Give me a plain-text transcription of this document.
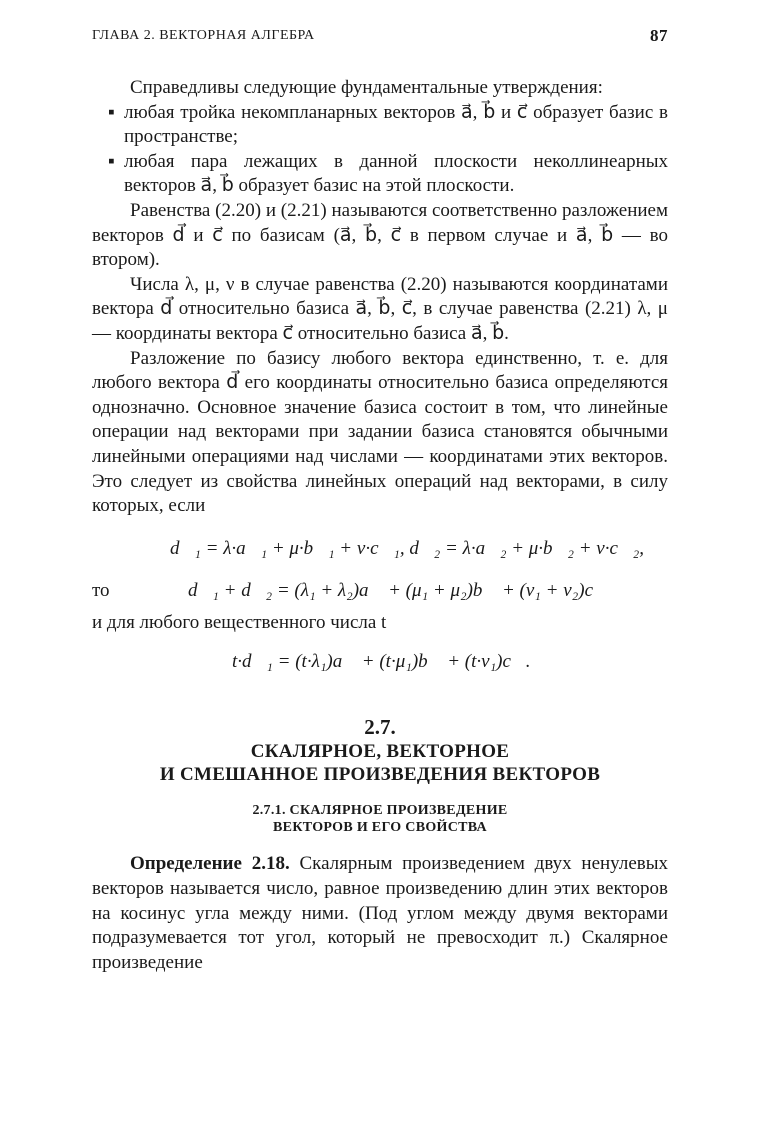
ГЛАВА 2. ВЕКТОРНАЯ АЛГЕБРА	87

Справедливы следующие фундаментальные утверждения:

▪ любая тройка некомпланарных векторов a⃗, b⃗ и c⃗ образует базис в пространстве;
▪ любая пара лежащих в данной плоскости неколлинеарных векторов a⃗, b⃗ образует базис на этой плоскости.

Равенства (2.20) и (2.21) называются соответственно разложением векторов d⃗ и c⃗ по базисам (a⃗, b⃗, c⃗ в первом случае и a⃗, b⃗ — во втором).

Числа λ, μ, ν в случае равенства (2.20) называются координатами вектора d⃗ относительно базиса a⃗, b⃗, c⃗, в случае равенства (2.21) λ, μ — координаты вектора c⃗ относительно базиса a⃗, b⃗.

Разложение по базису любого вектора единственно, т. е. для любого вектора d⃗ его координаты относительно базиса определяются однозначно. Основное значение базиса состоит в том, что линейные операции над векторами при задании базиса становятся обычными линейными операциями над числами — координатами этих векторов. Это следует из свойства линейных операций над векторами, в силу которых, если

d⃗₁ = λ·a⃗₁ + μ·b⃗₁ + ν·c⃗₁, d⃗₂ = λ·a⃗₂ + μ·b⃗₂ + ν·c⃗₂,
то	d⃗₁ + d⃗₂ = (λ₁ + λ₂)a⃗ + (μ₁ + μ₂)b⃗ + (ν₁ + ν₂)c⃗

и для любого вещественного числа t

t·d⃗₁ = (t·λ₁)a⃗ + (t·μ₁)b⃗ + (t·ν₁)c⃗.
2.7.
СКАЛЯРНОЕ, ВЕКТОРНОЕ
И СМЕШАННОЕ ПРОИЗВЕДЕНИЯ ВЕКТОРОВ
2.7.1. СКАЛЯРНОЕ ПРОИЗВЕДЕНИЕ
ВЕКТОРОВ И ЕГО СВОЙСТВА

Определение 2.18. Скалярным произведением двух ненулевых векторов называется число, равное произведению длин этих векторов на косинус угла между ними. (Под углом между двумя векторами подразумевается тот угол, который не превосходит π.) Скалярное произведение
